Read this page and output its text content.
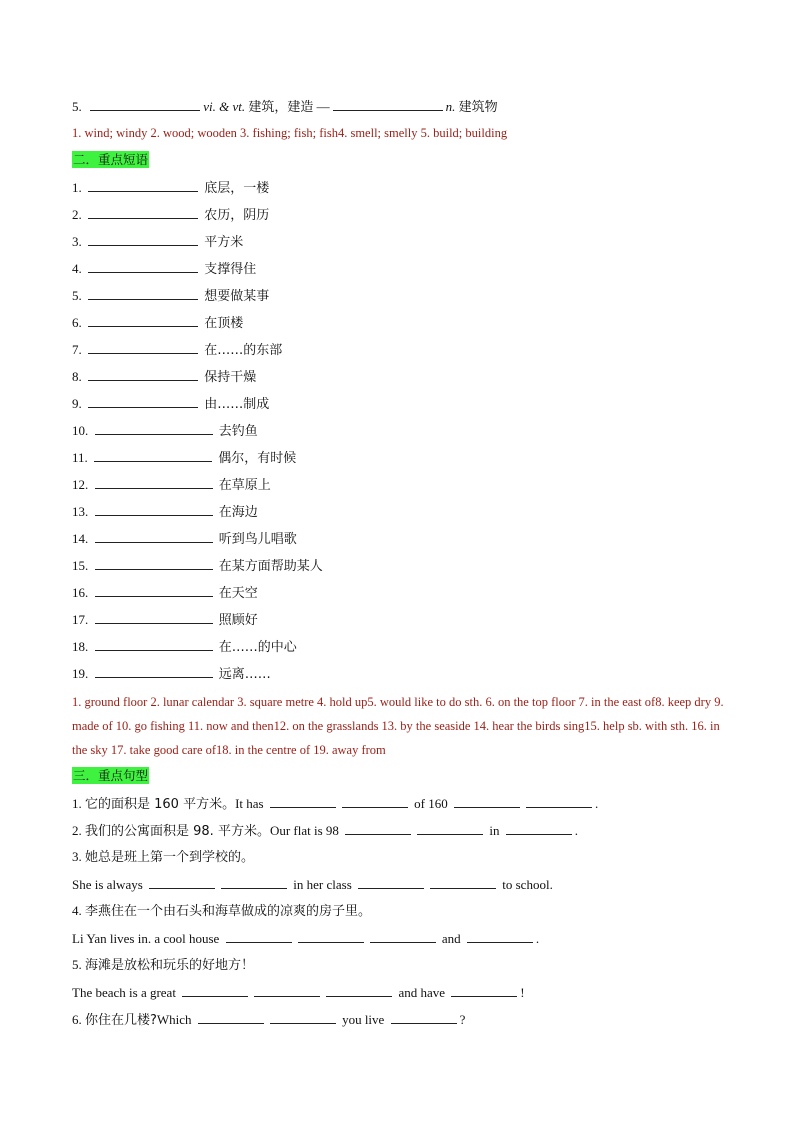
5.	vi. & vt. 建筑，建造 —	n. 建筑物
1. wind; windy 2. wood; wooden 3. fishing; fish; fish4. smell; smelly 5. build; building
二．重点短语
1.	底层，一楼
2.	农历，阴历
3.	平方米
4.	支撑得住
5.	想要做某事
6.	在顶楼
7.	在……的东部
8.	保持干燥
9.	由……制成
10.	去钓鱼
11.	偶尔，有时候
12.	在草原上
13.	在海边
14.	听到鸟儿唱歌
15.	在某方面帮助某人
16.	在天空
17.	照顾好
18.	在……的中心
19.	远离……
1. ground floor 2. lunar calendar 3. square metre 4. hold up5. would like to do sth. 6. on the top floor 7. in the east of8. keep dry 9. made of 10. go fishing 11. now and then12. on the grasslands 13. by the seaside 14. hear the birds sing15. help sb. with sth. 16. in the sky 17. take good care of18. in the centre of 19. away from
三．重点句型
1. 它的面积是 160 平方米。It has	of 160	.
2. 我们的公寓面积是 98. 平方米。Our flat is 98	in	.
3. 她总是班上第一个到学校的。
She is always	in her class	to school.
4. 李燕住在一个由石头和海草做成的凉爽的房子里。
Li Yan lives in. a cool house	and	.
5. 海滩是放松和玩乐的好地方！
The beach is a great	and have	!
6. 你住在几楼?Which	you live	?
